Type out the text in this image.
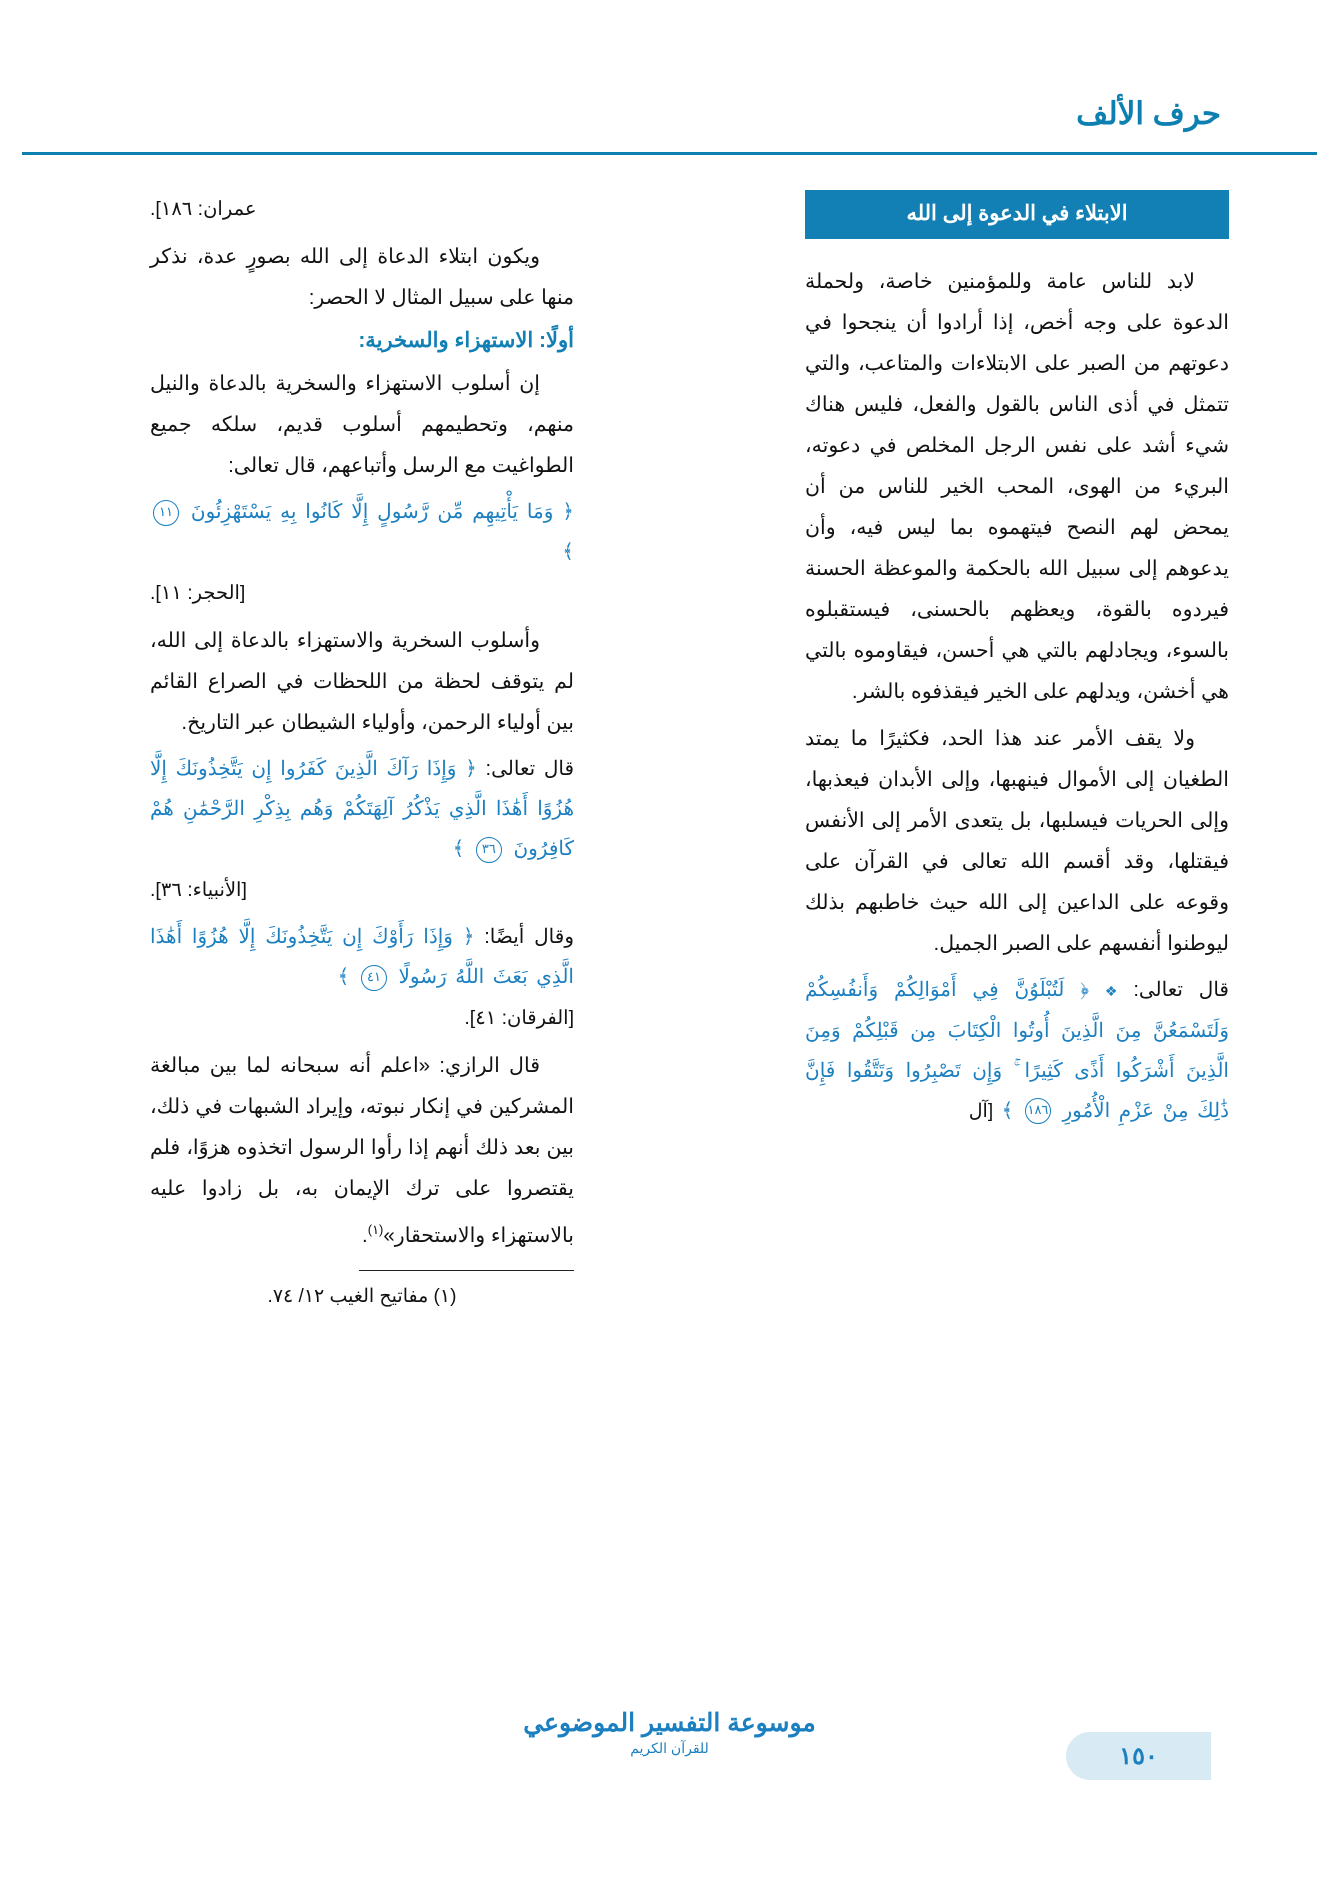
حرف الألف
الابتلاء في الدعوة إلى الله

لابد للناس عامة وللمؤمنين خاصة، ولحملة الدعوة على وجه أخص، إذا أرادوا أن ينجحوا في دعوتهم من الصبر على الابتلاءات والمتاعب، والتي تتمثل في أذى الناس بالقول والفعل، فليس هناك شيء أشد على نفس الرجل المخلص في دعوته، البريء من الهوى، المحب الخير للناس من أن يمحض لهم النصح فيتهموه بما ليس فيه، وأن يدعوهم إلى سبيل الله بالحكمة والموعظة الحسنة فيردوه بالقوة، ويعظهم بالحسنى، فيستقبلوه بالسوء، ويجادلهم بالتي هي أحسن، فيقاوموه بالتي هي أخشن، ويدلهم على الخير فيقذفوه بالشر.

ولا يقف الأمر عند هذا الحد، فكثيرًا ما يمتد الطغيان إلى الأموال فينهبها، وإلى الأبدان فيعذبها، وإلى الحريات فيسلبها، بل يتعدى الأمر إلى الأنفس فيقتلها، وقد أقسم الله تعالى في القرآن على وقوعه على الداعين إلى الله حيث خاطبهم بذلك ليوطنوا أنفسهم على الصبر الجميل.

قال تعالى: ❖ ﴿ لَتُبْلَوُنَّ فِي أَمْوَالِكُمْ وَأَنفُسِكُمْ وَلَتَسْمَعُنَّ مِنَ الَّذِينَ أُوتُوا الْكِتَابَ مِن قَبْلِكُمْ وَمِنَ الَّذِينَ أَشْرَكُوا أَذًى كَثِيرًا ۚ وَإِن تَصْبِرُوا وَتَتَّقُوا فَإِنَّ ذَٰلِكَ مِنْ عَزْمِ الْأُمُورِ ١٨٦ ﴾ [آل
عمران: ١٨٦].

ويكون ابتلاء الدعاة إلى الله بصورٍ عدة، نذكر منها على سبيل المثال لا الحصر:

أولًا: الاستهزاء والسخرية:

إن أسلوب الاستهزاء والسخرية بالدعاة والنيل منهم، وتحطيمهم أسلوب قديم، سلكه جميع الطواغيت مع الرسل وأتباعهم، قال تعالى:

﴿ وَمَا يَأْتِيهِم مِّن رَّسُولٍ إِلَّا كَانُوا بِهِ يَسْتَهْزِئُونَ ١١ ﴾
[الحجر: ١١].

وأسلوب السخرية والاستهزاء بالدعاة إلى الله، لم يتوقف لحظة من اللحظات في الصراع القائم بين أولياء الرحمن، وأولياء الشيطان عبر التاريخ.

قال تعالى: ﴿ وَإِذَا رَآكَ الَّذِينَ كَفَرُوا إِن يَتَّخِذُونَكَ إِلَّا هُزُوًا أَهَٰذَا الَّذِي يَذْكُرُ آلِهَتَكُمْ وَهُم بِذِكْرِ الرَّحْمَٰنِ هُمْ كَافِرُونَ ٣٦ ﴾
[الأنبياء: ٣٦].
وقال أيضًا: ﴿ وَإِذَا رَأَوْكَ إِن يَتَّخِذُونَكَ إِلَّا هُزُوًا أَهَٰذَا الَّذِي بَعَثَ اللَّهُ رَسُولًا ٤١ ﴾
[الفرقان: ٤١].

قال الرازي: «اعلم أنه سبحانه لما بين مبالغة المشركين في إنكار نبوته، وإيراد الشبهات في ذلك، بين بعد ذلك أنهم إذا رأوا الرسول اتخذوه هزوًا، فلم يقتصروا على ترك الإيمان به، بل زادوا عليه بالاستهزاء والاستحقار»$^{(١)}$.

(١) مفاتيح الغيب ١٢/ ٧٤.
موسوعة التفسير الموضوعي
للقرآن الكريم	١٥٠
